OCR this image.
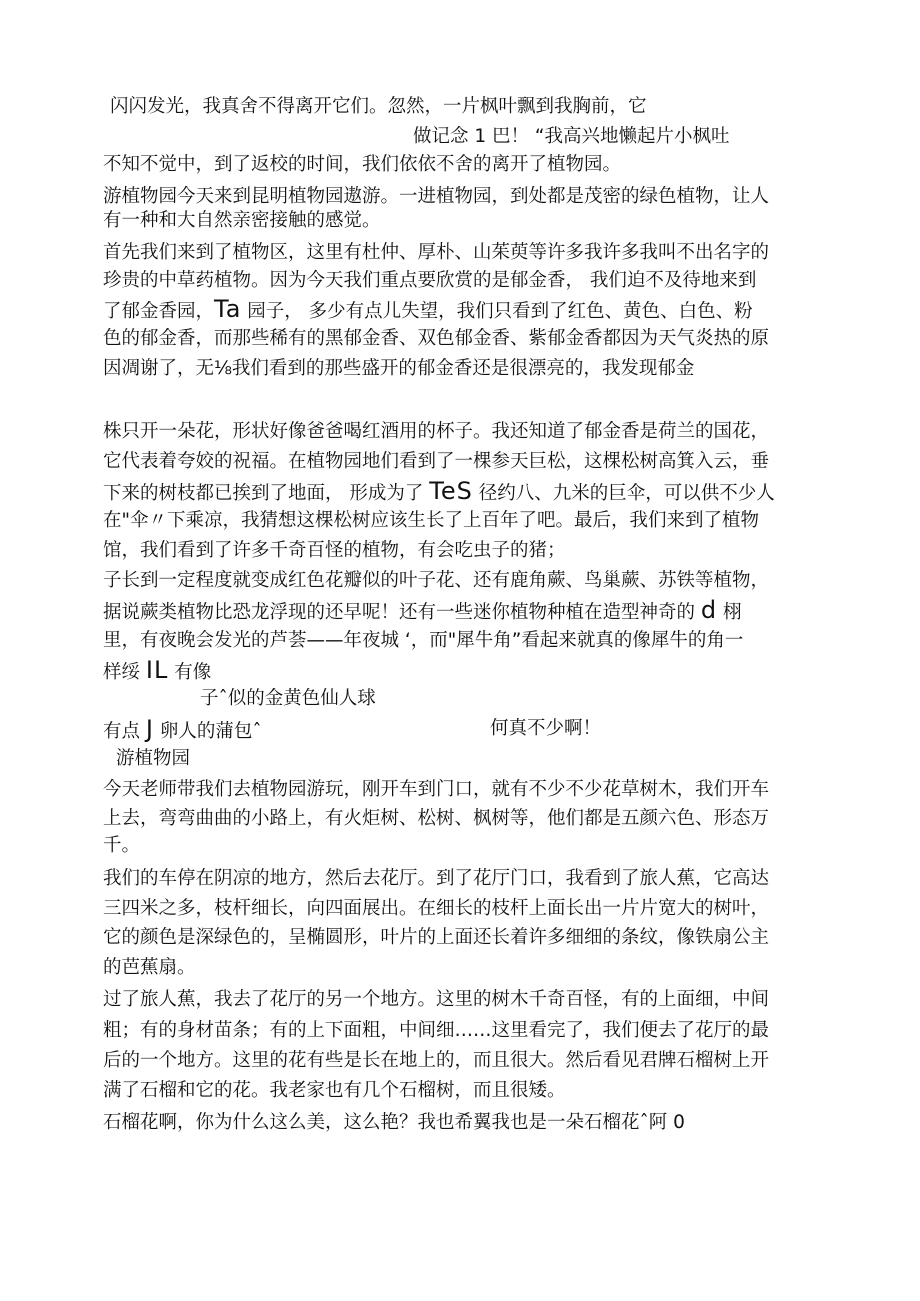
闪闪发光，我真舍不得离开它们。忽然，一片枫叶飘到我胸前，它
做记念 1 巴！ “我高兴地懒起片小枫吐
不知不觉中，到了返校的时间，我们依依不舍的离开了植物园。
游植物园今天来到昆明植物园遨游。一进植物园，到处都是茂密的绿色植物，让人
有一种和大自然亲密接触的感觉。
首先我们来到了植物区，这里有杜仲、厚朴、山茱萸等许多我许多我叫不出名字的
珍贵的中草药植物。因为今天我们重点要欣赏的是郁金香， 我们迫不及待地来到
了郁金香园，Ta 园子， 多少有点儿失望，我们只看到了红色、黄色、白色、粉
色的郁金香，而那些稀有的黑郁金香、双色郁金香、紫郁金香都因为天气炎热的原
因凋谢了，无⅛我们看到的那些盛开的郁金香还是很漂亮的，我发现郁金
株只开一朵花，形状好像爸爸喝红酒用的杯子。我还知道了郁金香是荷兰的国花，
它代表着夸姣的祝福。在植物园地们看到了一棵参天巨松，这棵松树高箕入云，垂
下来的树枝都已挨到了地面， 形成为了 TeS 径约八、九米的巨伞，可以供不少人
在"伞〃下乘凉，我猜想这棵松树应该生长了上百年了吧。最后，我们来到了植物
馆，我们看到了许多千奇百怪的植物，有会吃虫子的猪；
子长到一定程度就变成红色花瓣似的叶子花、还有鹿角蕨、鸟巢蕨、苏铁等植物，
据说蕨类植物比恐龙浮现的还早呢！还有一些迷你植物种植在造型神奇的 d 栩
里，有夜晚会发光的芦荟——年夜城 ‘，而"犀牛角”看起来就真的像犀牛的角一
样绥 IL 有像
子ˆ似的金黄色仙人球
有点 J 卵人的蒲包ˆ	何真不少啊！
游植物园
今天老师带我们去植物园游玩，刚开车到门口，就有不少不少花草树木，我们开车
上去，弯弯曲曲的小路上，有火炬树、松树、枫树等，他们都是五颜六色、形态万
千。
我们的车停在阴凉的地方，然后去花厅。到了花厅门口，我看到了旅人蕉，它高达
三四米之多，枝杆细长，向四面展出。在细长的枝杆上面长出一片片宽大的树叶，
它的颜色是深绿色的，呈椭圆形，叶片的上面还长着许多细细的条纹，像铁扇公主
的芭蕉扇。
过了旅人蕉，我去了花厅的另一个地方。这里的树木千奇百怪，有的上面细，中间
粗；有的身材苗条；有的上下面粗，中间细……这里看完了，我们便去了花厅的最
后的一个地方。这里的花有些是长在地上的，而且很大。然后看见君牌石榴树上开
满了石榴和它的花。我老家也有几个石榴树，而且很矮。
石榴花啊，你为什么这么美，这么艳？我也希翼我也是一朵石榴花ˆ阿 0
